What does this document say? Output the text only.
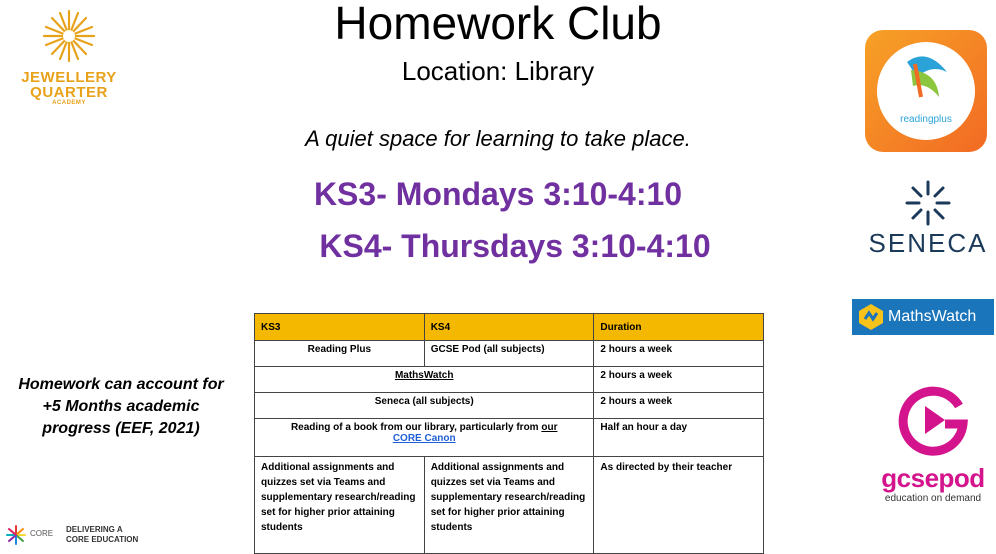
JEWELLERY
QUARTER
ACADEMY
Homework Club
Location: Library
A quiet space for learning to take place.
KS3- Mondays 3:10-4:10
KS4- Thursdays 3:10-4:10
Homework can account for +5 Months academic progress (EEF, 2021)
KS3	KS4	Duration
Reading Plus	GCSE Pod (all subjects)	2 hours a week
MathsWatch		2 hours a week
Seneca (all subjects)		2 hours a week
Reading of a book from our library, particularly from our
CORE Canon		Half an hour a day
Additional assignments and quizzes set via Teams and supplementary research/reading set for higher prior attaining students	Additional assignments and quizzes set via Teams and supplementary research/reading set for higher prior attaining students	As directed by their teacher
readingplus
SENECA
MathsWatch
gcsepod
education on demand
CORE DELIVERING A
CORE EDUCATION
